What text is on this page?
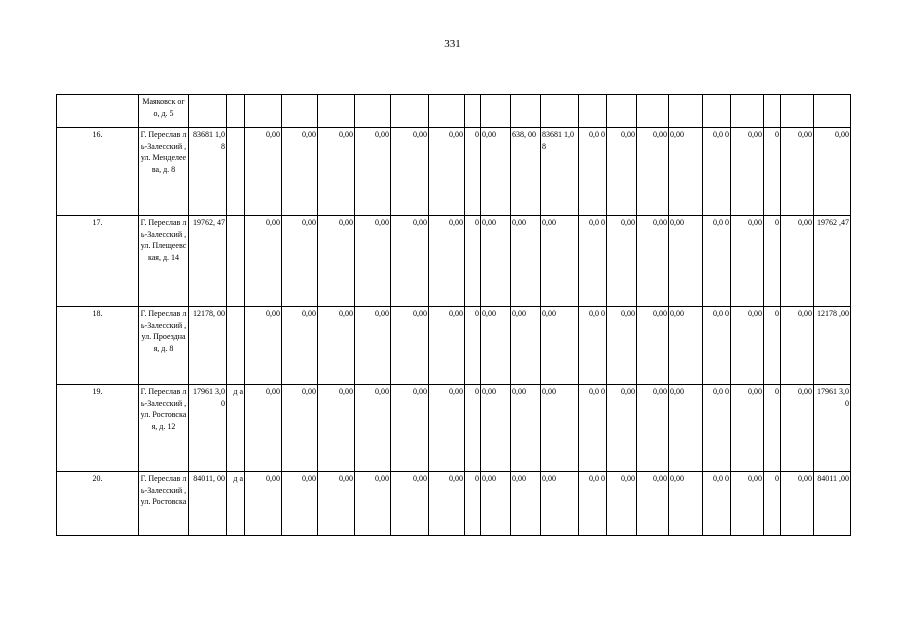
331
	Маяковск ого, д. 5																					
16.	Г. Переслав ль-Залесский , ул. Менделее ва, д. 8	83681 1,08		0,00	0,00	0,00	0,00	0,00	0,00	0	0,00	638, 00	83681 1,08	0,0 0	0,00	0,00	0,00	0,0 0	0,00	0	0,00	0,00
17.	Г. Переслав ль-Залесский , ул. Плещеевс кая, д. 14	19762, 47		0,00	0,00	0,00	0,00	0,00	0,00	0	0,00	0,00	0,00	0,0 0	0,00	0,00	0,00	0,0 0	0,00	0	0,00	19762 ,47
18.	Г. Переслав ль-Залесский , ул. Проездна я, д. 8	12178, 00		0,00	0,00	0,00	0,00	0,00	0,00	0	0,00	0,00	0,00	0,0 0	0,00	0,00	0,00	0,0 0	0,00	0	0,00	12178 ,00
19.	Г. Переслав ль-Залесский , ул. Ростовска я, д. 12	17961 3,00	д а	0,00	0,00	0,00	0,00	0,00	0,00	0	0,00	0,00	0,00	0,0 0	0,00	0,00	0,00	0,0 0	0,00	0	0,00	17961 3,00
20.	Г. Переслав ль-Залесский , ул. Ростовска	84011, 00	д а	0,00	0,00	0,00	0,00	0,00	0,00	0	0,00	0,00	0,00	0,0 0	0,00	0,00	0,00	0,0 0	0,00	0	0,00	84011 ,00
